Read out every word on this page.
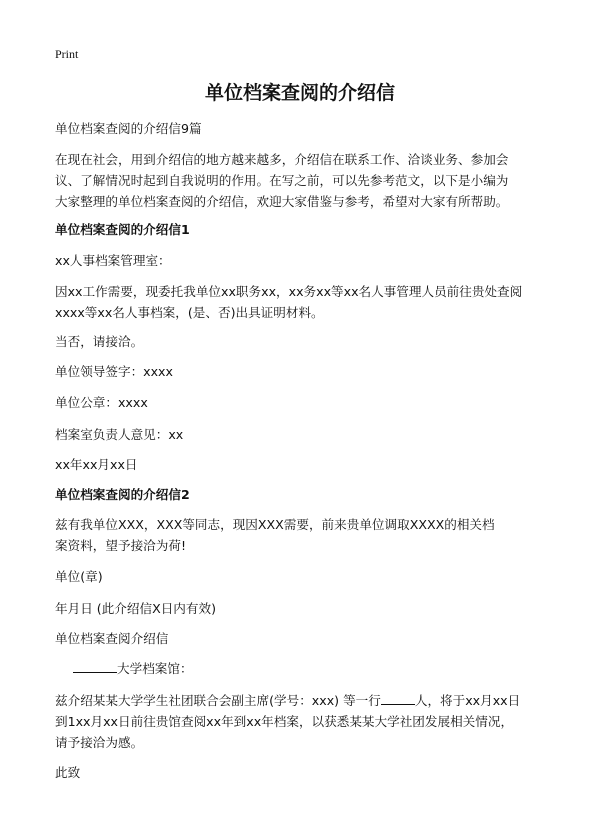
Print
单位档案查阅的介绍信
单位档案查阅的介绍信9篇
在现在社会，用到介绍信的地方越来越多，介绍信在联系工作、洽谈业务、参加会
议、了解情况时起到自我说明的作用。在写之前，可以先参考范文，以下是小编为
大家整理的单位档案查阅的介绍信，欢迎大家借鉴与参考，希望对大家有所帮助。
单位档案查阅的介绍信1
xx人事档案管理室：
因xx工作需要，现委托我单位xx职务xx，xx务xx等xx名人事管理人员前往贵处查阅
xxxx等xx名人事档案，(是、否)出具证明材料。
当否，请接洽。
单位领导签字：xxxx
单位公章：xxxx
档案室负责人意见：xx
xx年xx月xx日
单位档案查阅的介绍信2
兹有我单位XXX，XXX等同志，现因XXX需要，前来贵单位调取XXXX的相关档
案资料，望予接洽为荷!
单位(章)
年月日 (此介绍信X日内有效)
单位档案查阅介绍信
大学档案馆：
兹介绍某某大学学生社团联合会副主席(学号：xxx) 等一行	人，将于xx月xx日
到1xx月xx日前往贵馆查阅xx年到xx年档案，以获悉某某大学社团发展相关情况，
请予接洽为感。
此致
